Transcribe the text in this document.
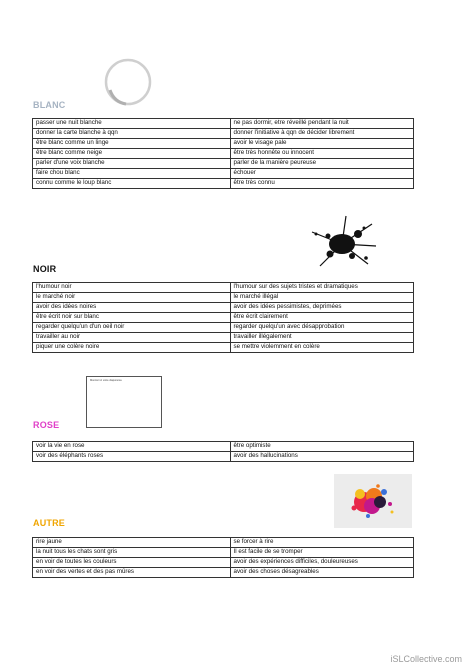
BLANC
passer une nuit blanche	ne pas dormir, etre réveillé pendant la nuit
donner la carte blanche à qqn	donner l'initiative à qqn de décider librement
être blanc comme un linge	avoir le visage pale
être blanc comme neige	être très honnête ou innocent
parler d'une voix blanche	parler de la manière peureuse
faire chou blanc	échouer
connu comme le loup blanc	être très connu
NOIR
l'humour noir	l'humour sur des sujets tristes et dramatiques
le marché noir	le marché illégal
avoir des idées noires	avoir des idées pessimistes, deprimées
être écrit noir sur blanc	être écrit clairement
regarder quelqu'un d'un oeil noir	regarder quelqu'un avec désapprobation
travailler au noir	travailler illégalement
piquer une colère noire	se mettre violemment en colère
Montrer ici votre diaporama
ROSE
voir la vie en rose	être optimiste
voir des éléphants roses	avoir des hallucinations
AUTRE
rire jaune	se forcer à rire
la nuit tous les chats sont gris	Il est facile de se tromper
en voir de toutes les couleurs	avoir des expériences difficiles, douleureuses
en voir des vertes et des pas mûres	avoir des choses désagreables
iSLCollective.com
